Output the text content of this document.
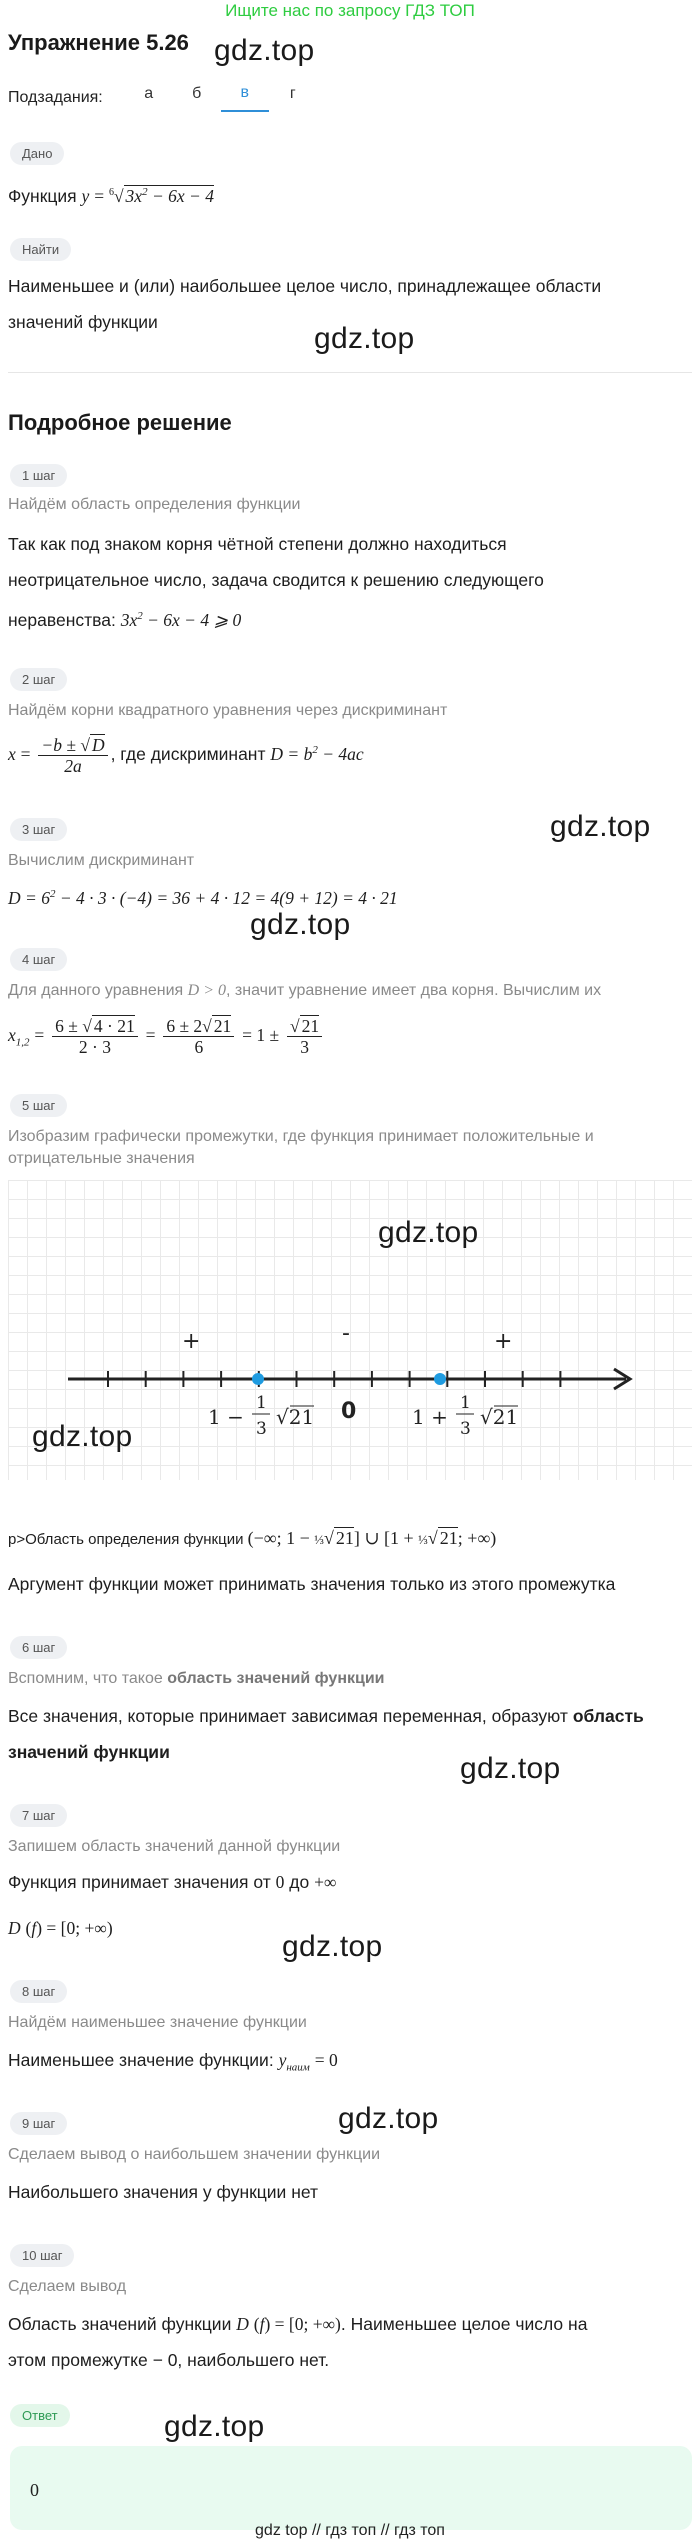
Ищите нас по запросу ГДЗ ТОП
Упражнение 5.26 gdz.top
Подзадания:	а	б	в	г
Дано
Функция y = $^6$√ $3x^2 - 6x - 4$
Найти
Наименьшее и (или) наибольшее целое число, принадлежащее области
значений функции	gdz.top
Подробное решение
1 шаг
Найдём область определения функции
Так как под знаком корня чётной степени должно находиться
неотрицательное число, задача сводится к решению следующего
неравенства: $3x^2 - 6x - 4$ ⩾ 0
2 шаг
Найдём корни квадратного уравнения через дискриминант
$x = \frac{-b \pm √ D}{2a}$ , где дискриминант $D = b^2 - 4ac$
gdz.top
3 шаг
Вычислим дискриминант
$D = 6^2 - 4 \cdot 3 \cdot (-4) = 36 + 4 \cdot 12 = 4(9 + 12) = 4 \cdot 21$
gdz.top
4 шаг
Для данного уравнения D > 0, значит уравнение имеет два корня. Вычислим их
$x_{1,2} = \frac{6 \pm √ 4 \cdot 21}{2 \cdot 3} = \frac{6 \pm 2√ 21}{6} = 1 \pm \frac{√ 21}{3}$
5 шаг
Изобразим графически промежутки, где функция принимает положительные и отрицательные значения
+	-	+
0
1 −
1
3 √21	1 +
1
3 √21
gdz.top
gdz.top
p>Область определения функции (−∞; 1 − ⅓√ 21] ∪ [1 + ⅓√ 21; +∞)
Аргумент функции может принимать значения только из этого промежутка
6 шаг
Вспомним, что такое область значений функции
Все значения, которые принимает зависимая переменная, образуют область
значений функции	gdz.top
7 шаг
Запишем область значений данной функции
Функция принимает значения от 0 до +∞
D (f) = [0; +∞)
gdz.top
8 шаг
Найдём наименьшее значение функции
Наименьшее значение функции: $y_{наим} = 0$
gdz.top
9 шаг
Сделаем вывод о наибольшем значении функции
Наибольшего значения у функции нет
10 шаг
Сделаем вывод
Область значений функции D (f) = [0; +∞). Наименьшее целое число на
этом промежутке − 0, наибольшего нет.
Ответ	gdz.top
0
gdz top // гдз топ // гдз топ
